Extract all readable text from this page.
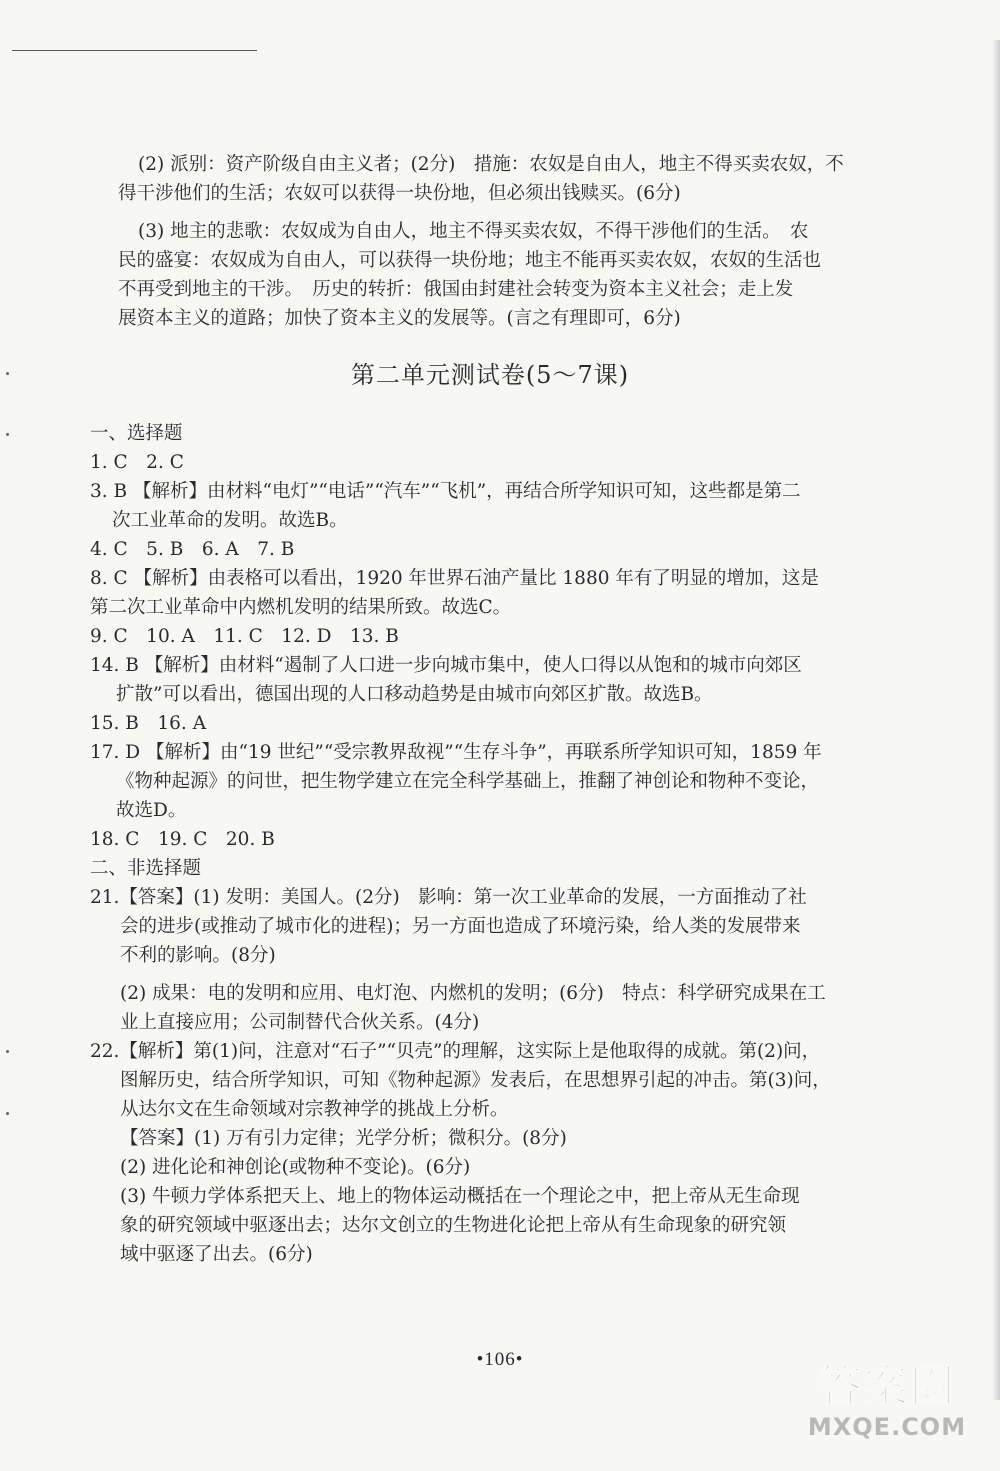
(2) 派别：资产阶级自由主义者；(2分)　措施：农奴是自由人，地主不得买卖农奴，不
得干涉他们的生活；农奴可以获得一块份地，但必须出钱赎买。(6分)
(3) 地主的悲歌：农奴成为自由人，地主不得买卖农奴，不得干涉他们的生活。　农
民的盛宴：农奴成为自由人，可以获得一块份地；地主不能再买卖农奴，农奴的生活也
不再受到地主的干涉。　历史的转折：俄国由封建社会转变为资本主义社会；走上发
展资本主义的道路；加快了资本主义的发展等。(言之有理即可，6分)
第二单元测试卷(5～7课)
一、选择题
1. C　2. C
3. B 【解析】由材料“电灯”“电话”“汽车”“飞机”，再结合所学知识可知，这些都是第二
次工业革命的发明。故选B。
4. C　5. B　6. A　7. B
8. C 【解析】由表格可以看出，1920 年世界石油产量比 1880 年有了明显的增加，这是
第二次工业革命中内燃机发明的结果所致。故选C。
9. C　10. A　11. C　12. D　13. B
14. B 【解析】由材料“遏制了人口进一步向城市集中，使人口得以从饱和的城市向郊区
扩散”可以看出，德国出现的人口移动趋势是由城市向郊区扩散。故选B。
15. B　16. A
17. D 【解析】由“19 世纪”“受宗教界敌视”“生存斗争”，再联系所学知识可知，1859 年
《物种起源》的问世，把生物学建立在完全科学基础上，推翻了神创论和物种不变论，
故选D。
18. C　19. C　20. B
二、非选择题
21.【答案】(1) 发明：美国人。(2分)　影响：第一次工业革命的发展，一方面推动了社
会的进步(或推动了城市化的进程)；另一方面也造成了环境污染，给人类的发展带来
不利的影响。(8分)
(2) 成果：电的发明和应用、电灯泡、内燃机的发明；(6分)　特点：科学研究成果在工
业上直接应用；公司制替代合伙关系。(4分)
22.【解析】第(1)问，注意对“石子”“贝壳”的理解，这实际上是他取得的成就。第(2)问，
图解历史，结合所学知识，可知《物种起源》发表后，在思想界引起的冲击。第(3)问，
从达尔文在生命领域对宗教神学的挑战上分析。
【答案】(1) 万有引力定律；光学分析；微积分。(8分)
(2) 进化论和神创论(或物种不变论)。(6分)
(3) 牛顿力学体系把天上、地上的物体运动概括在一个理论之中，把上帝从无生命现
象的研究领域中驱逐出去；达尔文创立的生物进化论把上帝从有生命现象的研究领
域中驱逐了出去。(6分)
•106•
答案圈
MXQE.COM
